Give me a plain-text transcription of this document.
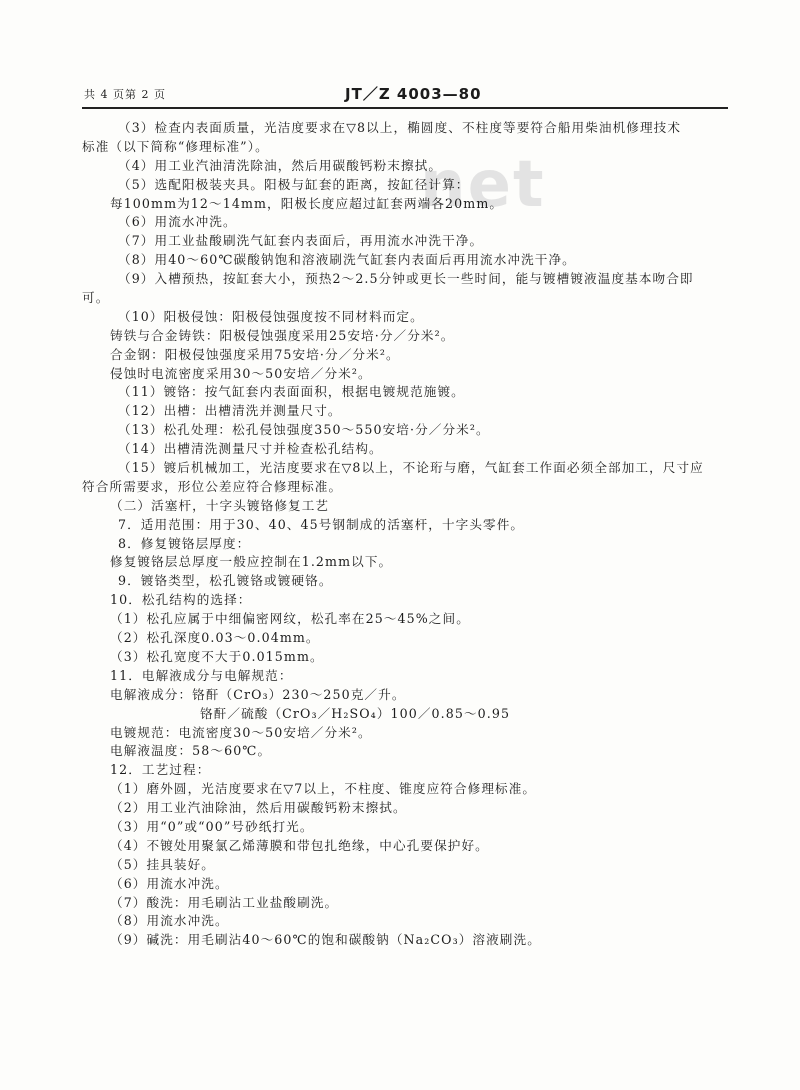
共 4 页第 2 页	JT／Z 4003—80
net
（3）检查内表面质量，光洁度要求在▽8以上，椭圆度、不柱度等要符合船用柴油机修理技术
标准（以下简称“修理标准”）。
（4）用工业汽油清洗除油，然后用碳酸钙粉末擦拭。
（5）选配阳极装夹具。阳极与缸套的距离，按缸径计算：
每100mm为12～14mm，阳极长度应超过缸套两端各20mm。
（6）用流水冲洗。
（7）用工业盐酸刷洗气缸套内表面后，再用流水冲洗干净。
（8）用40～60℃碳酸钠饱和溶液刷洗气缸套内表面后再用流水冲洗干净。
（9）入槽预热，按缸套大小，预热2～2.5分钟或更长一些时间，能与镀槽镀液温度基本吻合即
可。
（10）阳极侵蚀：阳极侵蚀强度按不同材料而定。
铸铁与合金铸铁：阳极侵蚀强度采用25安培·分／分米²。
合金钢：阳极侵蚀强度采用75安培·分／分米²。
侵蚀时电流密度采用30～50安培／分米²。
（11）镀铬：按气缸套内表面面积，根据电镀规范施镀。
（12）出槽：出槽清洗并测量尺寸。
（13）松孔处理：松孔侵蚀强度350～550安培·分／分米²。
（14）出槽清洗测量尺寸并检查松孔结构。
（15）镀后机械加工，光洁度要求在▽8以上，不论珩与磨，气缸套工作面必须全部加工，尺寸应
符合所需要求，形位公差应符合修理标准。
（二）活塞杆，十字头镀铬修复工艺
7．适用范围：用于30、40、45号钢制成的活塞杆，十字头零件。
8．修复镀铬层厚度：
修复镀铬层总厚度一般应控制在1.2mm以下。
9．镀铬类型，松孔镀铬或镀硬铬。
10．松孔结构的选择：
（1）松孔应属于中细偏密网纹，松孔率在25～45%之间。
（2）松孔深度0.03～0.04mm。
（3）松孔宽度不大于0.015mm。
11．电解液成分与电解规范：
电解液成分：铬酐（CrO₃）230～250克／升。
铬酐／硫酸（CrO₃／H₂SO₄）100／0.85～0.95
电镀规范：电流密度30～50安培／分米²。
电解液温度：58～60℃。
12．工艺过程：
（1）磨外圆，光洁度要求在▽7以上，不柱度、锥度应符合修理标准。
（2）用工业汽油除油，然后用碳酸钙粉末擦拭。
（3）用“0”或“00”号砂纸打光。
（4）不镀处用聚氯乙烯薄膜和带包扎绝缘，中心孔要保护好。
（5）挂具装好。
（6）用流水冲洗。
（7）酸洗：用毛刷沾工业盐酸刷洗。
（8）用流水冲洗。
（9）碱洗：用毛刷沾40～60℃的饱和碳酸钠（Na₂CO₃）溶液刷洗。
